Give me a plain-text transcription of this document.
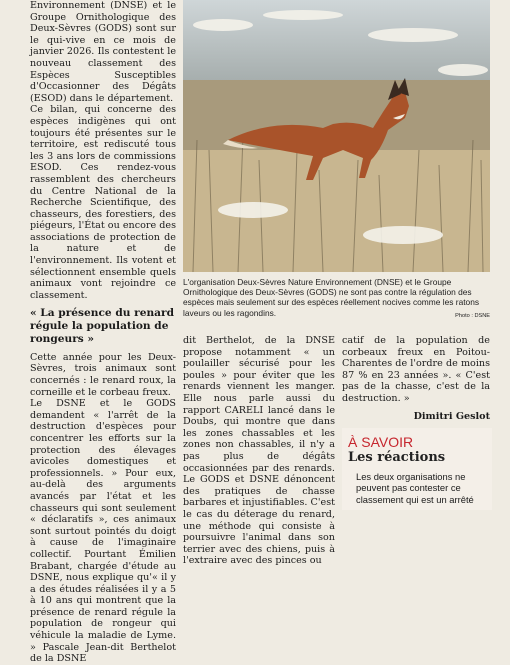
Environnement (DNSE) et le Groupe Ornithologique des Deux-Sèvres (GODS) sont sur le qui-vive en ce mois de janvier 2026. Ils contestent le nouveau classement des Espèces Susceptibles d'Occasionner des Dégâts (ESOD) dans le département.

Ce bilan, qui concerne des espèces indigènes qui ont toujours été présentes sur le territoire, est rediscuté tous les 3 ans lors de commissions ESOD. Ces rendez-vous rassemblent des chercheurs du Centre National de la Recherche Scientifique, des chasseurs, des forestiers, des piégeurs, l'État ou encore des associations de protection de la nature et de l'environnement. Ils votent et sélectionnent ensemble quels animaux vont rejoindre ce classement.

« La présence du renard régule la population de rongeurs »

Cette année pour les Deux-Sèvres, trois animaux sont concernés : le renard roux, la corneille et le corbeau freux.

Le DSNE et le GODS demandent « l'arrêt de la destruction d'espèces pour concentrer les efforts sur la protection des élevages avicoles domestiques et professionnels. » Pour eux, au-delà des arguments avancés par l'état et les chasseurs qui sont seulement « déclaratifs », ces animaux sont surtout pointés du doigt à cause de l'imaginaire collectif. Pourtant Émilien Brabant, chargée d'étude au DSNE, nous explique qu'« il y a des études réalisées il y a 5 à 10 ans qui montrent que la présence de renard régule la population de rongeur qui véhicule la maladie de Lyme. » Pascale Jean-dit Berthelot de la DSNE

L'organisation Deux-Sèvres Nature Environnement (DNSE) et le Groupe Ornithologique des Deux-Sèvres (GODS) ne sont pas contre la régulation des espèces mais seulement sur des espèces réellement nocives comme les ratons laveurs ou les ragondins.	Photo : DSNE

dit Berthelot, de la DNSE propose notamment « un poulailler sécurisé pour les poules » pour éviter que les renards viennent les manger. Elle nous parle aussi du rapport CARELI lancé dans le Doubs, qui montre que dans les zones chassables et les zones non chassables, il n'y a pas plus de dégâts occasionnées par des renards. Le GODS et DSNE dénoncent des pratiques de chasse barbares et injustifiables. C'est le cas du déterage du renard, une méthode qui consiste à poursuivre l'animal dans son terrier avec des chiens, puis à l'extraire avec des pinces ou

catif de la population de corbeaux freux en Poitou-Charentes de l'ordre de moins 87 % en 23 années ». « C'est pas de la chasse, c'est de la destruction. »

Dimitri Geslot

À SAVOIR
Les réactions
Les deux organisations ne peuvent pas contester ce classement qui est un arrêté
